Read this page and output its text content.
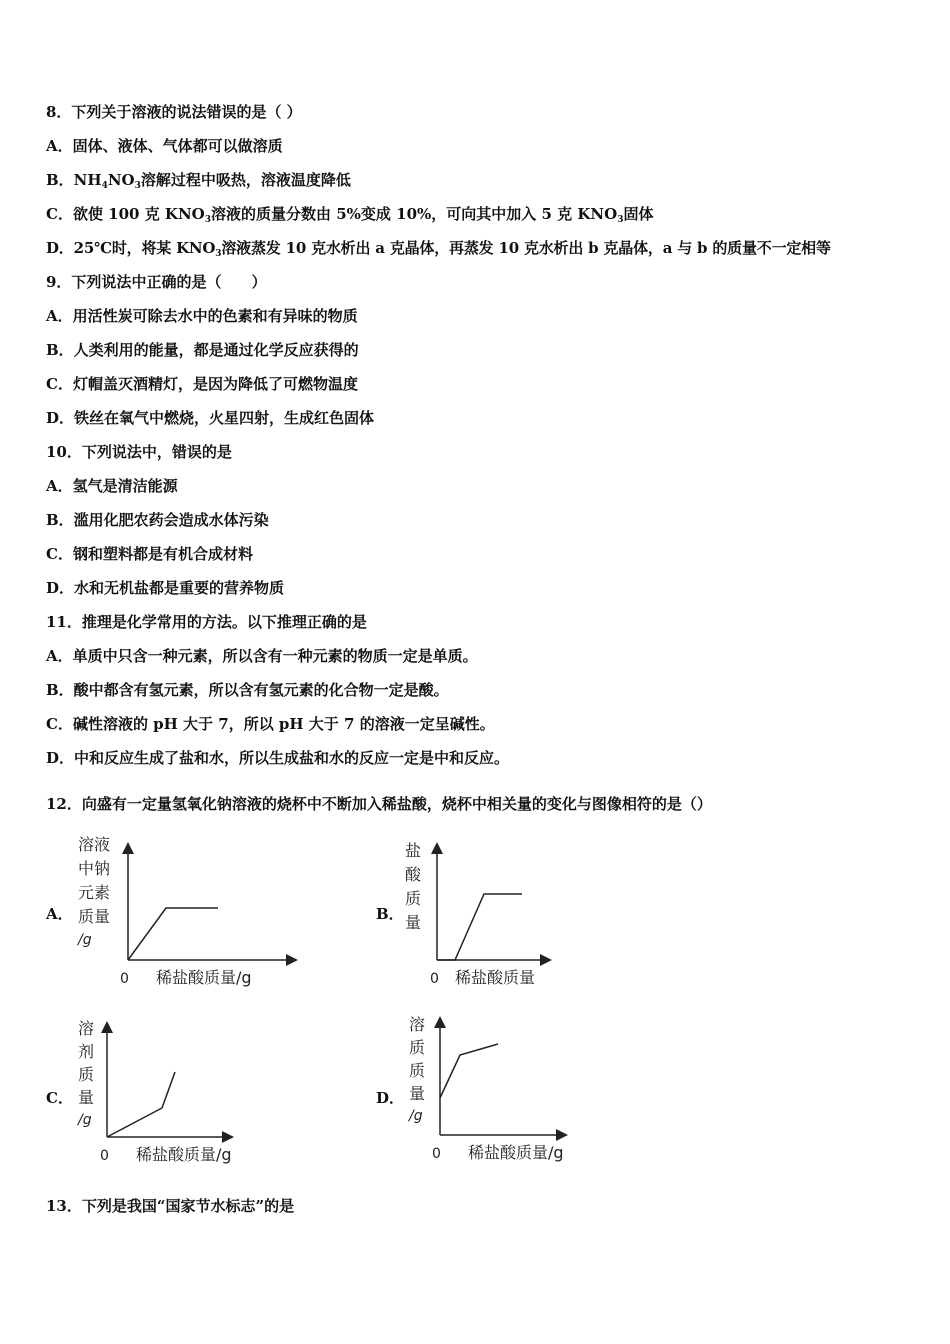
8．下列关于溶液的说法错误的是（ ）
A．固体、液体、气体都可以做溶质
B．$NH_4NO_3$溶解过程中吸热，溶液温度降低
C．欲使 100 克 $KNO_3$溶液的质量分数由 5%变成 10%，可向其中加入 5 克 $KNO_3$固体
D．25℃时，将某 $KNO_3$溶液蒸发 10 克水析出 a 克晶体，再蒸发 10 克水析出 b 克晶体，a 与 b 的质量不一定相等
9．下列说法中正确的是（　　）
A．用活性炭可除去水中的色素和有异味的物质
B．人类利用的能量，都是通过化学反应获得的
C．灯帽盖灭酒精灯，是因为降低了可燃物温度
D．铁丝在氧气中燃烧，火星四射，生成红色固体
10．下列说法中，错误的是
A．氢气是清洁能源
B．滥用化肥农药会造成水体污染
C．钢和塑料都是有机合成材料
D．水和无机盐都是重要的营养物质
11．推理是化学常用的方法。以下推理正确的是
A．单质中只含一种元素，所以含有一种元素的物质一定是单质。
B．酸中都含有氢元素，所以含有氢元素的化合物一定是酸。
C．碱性溶液的 pH 大于 7，所以 pH 大于 7 的溶液一定呈碱性。
D．中和反应生成了盐和水，所以生成盐和水的反应一定是中和反应。
12．向盛有一定量氢氧化钠溶液的烧杯中不断加入稀盐酸，烧杯中相关量的变化与图像相符的是（）
A．	B．
C．	D．
溶液
中钠
元素
质量
/g
0 稀盐酸质量/g
盐
酸
质
量
0 稀盐酸质量
溶
剂
质
量
/g
0 稀盐酸质量/g
溶
质
质
量
/g
0 稀盐酸质量/g
13．下列是我国“国家节水标志”的是
